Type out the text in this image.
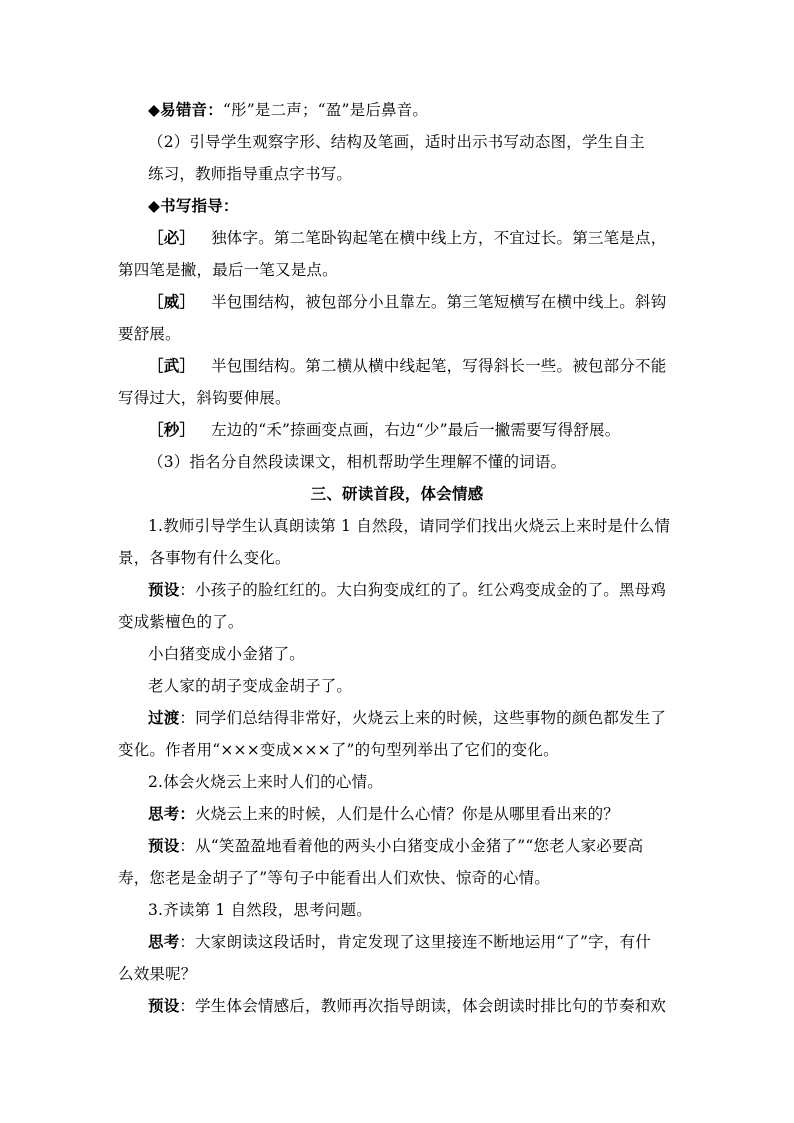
◆易错音：“彤”是二声；“盈”是后鼻音。
（2）引导学生观察字形、结构及笔画，适时出示书写动态图，学生自主
练习，教师指导重点字书写。
◆书写指导：
［必］ 独体字。第二笔卧钩起笔在横中线上方，不宜过长。第三笔是点，
第四笔是撇，最后一笔又是点。
［威］ 半包围结构，被包部分小且靠左。第三笔短横写在横中线上。斜钩
要舒展。
［武］ 半包围结构。第二横从横中线起笔，写得斜长一些。被包部分不能
写得过大，斜钩要伸展。
［秒］ 左边的“禾”捺画变点画，右边“少”最后一撇需要写得舒展。
（3）指名分自然段读课文，相机帮助学生理解不懂的词语。
三、研读首段，体会情感
1.教师引导学生认真朗读第 1 自然段，请同学们找出火烧云上来时是什么情
景，各事物有什么变化。
预设：小孩子的脸红红的。大白狗变成红的了。红公鸡变成金的了。黑母鸡
变成紫檀色的了。
小白猪变成小金猪了。
老人家的胡子变成金胡子了。
过渡：同学们总结得非常好，火烧云上来的时候，这些事物的颜色都发生了
变化。作者用“×××变成×××了”的句型列举出了它们的变化。
2.体会火烧云上来时人们的心情。
思考：火烧云上来的时候，人们是什么心情？你是从哪里看出来的？
预设：从“笑盈盈地看着他的两头小白猪变成小金猪了”“您老人家必要高
寿，您老是金胡子了”等句子中能看出人们欢快、惊奇的心情。
3.齐读第 1 自然段，思考问题。
思考：大家朗读这段话时，肯定发现了这里接连不断地运用“了”字，有什
么效果呢？
预设：学生体会情感后，教师再次指导朗读，体会朗读时排比句的节奏和欢
